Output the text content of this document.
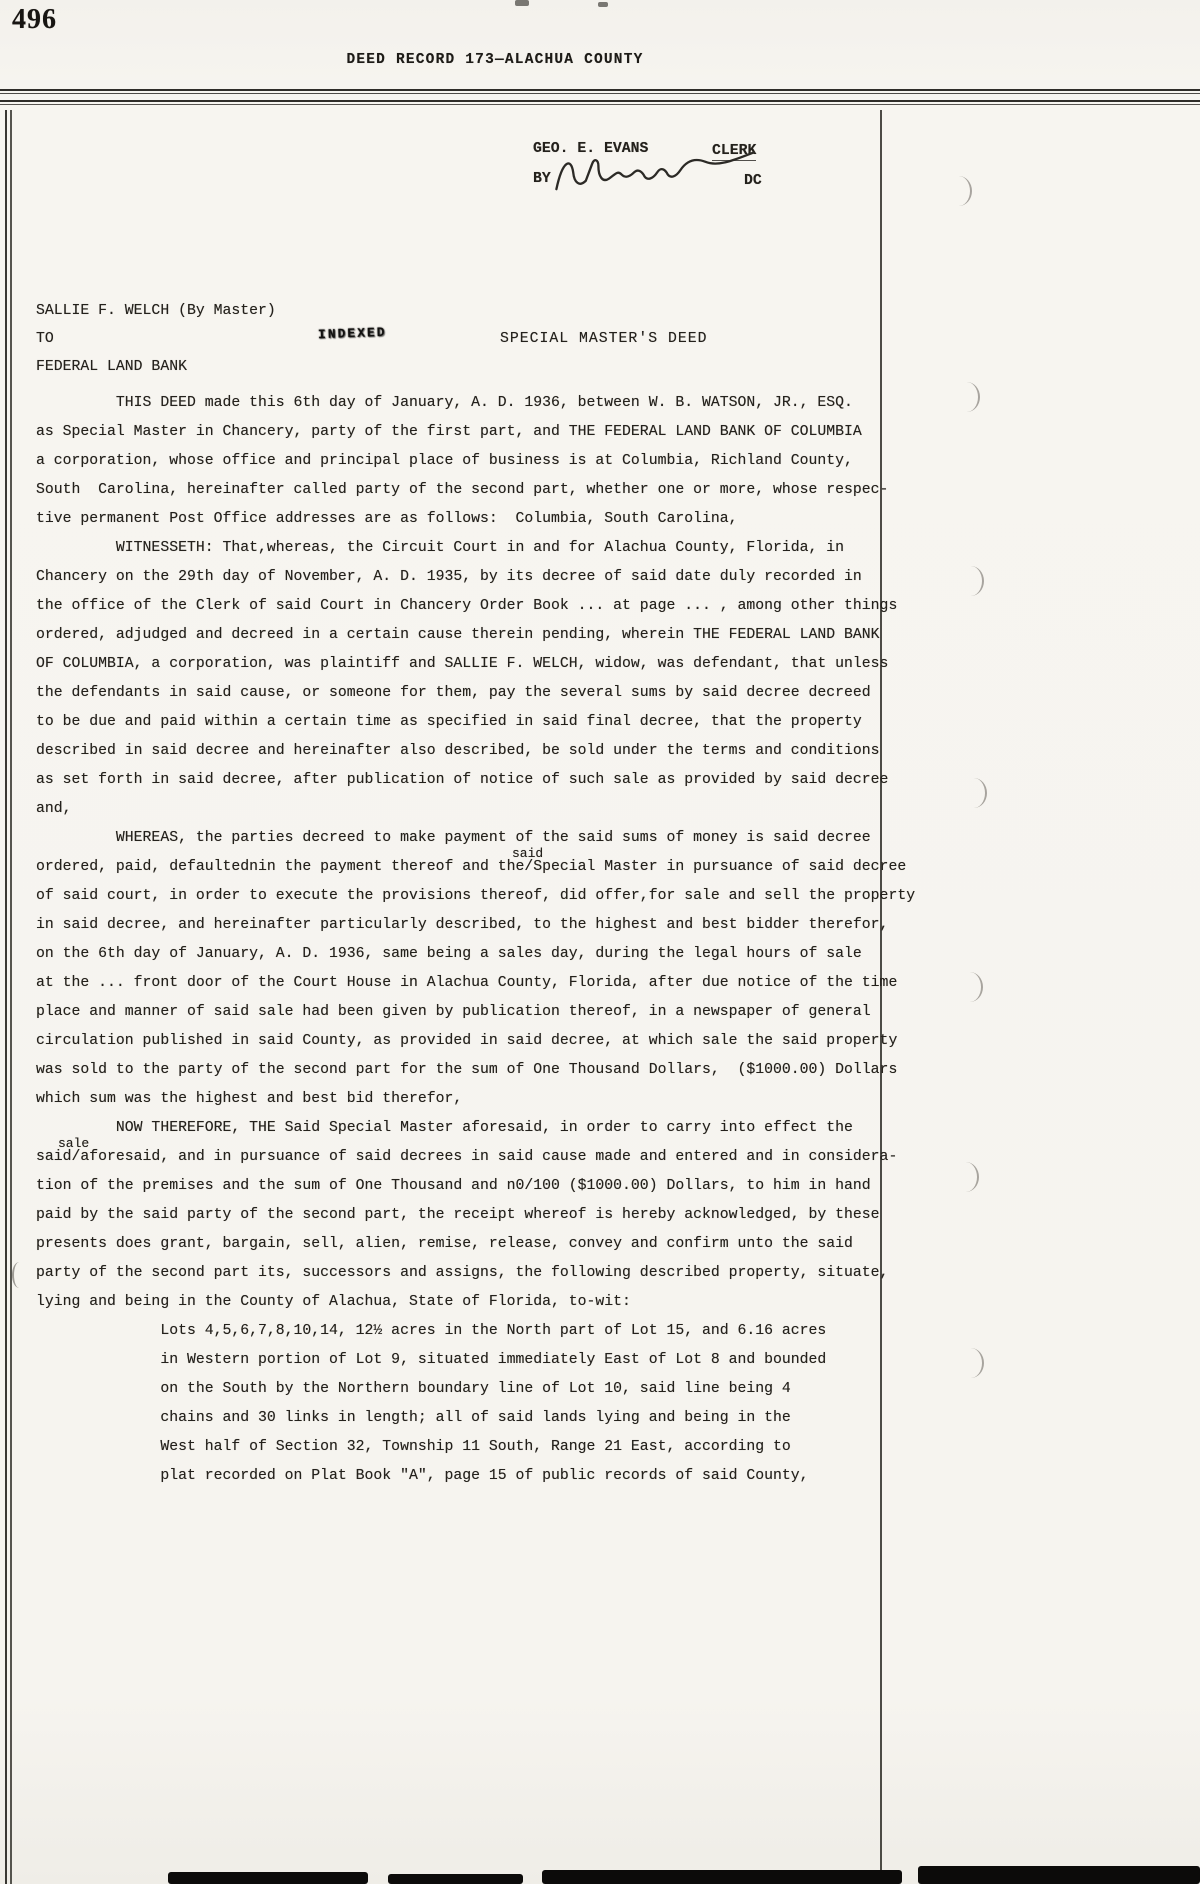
496
DEED RECORD 173—ALACHUA COUNTY
GEO. E. EVANS	CLERK
BY	DC
SALLIE F. WELCH (By Master)
TO	INDEXED	SPECIAL MASTER'S DEED
FEDERAL LAND BANK
THIS DEED made this 6th day of January, A. D. 1936, between W. B. WATSON, JR., ESQ.
as Special Master in Chancery, party of the first part, and THE FEDERAL LAND BANK OF COLUMBIA
a corporation, whose office and principal place of business is at Columbia, Richland County,
South  Carolina, hereinafter called party of the second part, whether one or more, whose respec-
tive permanent Post Office addresses are as follows:  Columbia, South Carolina,
WITNESSETH: That,whereas, the Circuit Court in and for Alachua County, Florida, in
Chancery on the 29th day of November, A. D. 1935, by its decree of said date duly recorded in
the office of the Clerk of said Court in Chancery Order Book ... at page ... , among other things
ordered, adjudged and decreed in a certain cause therein pending, wherein THE FEDERAL LAND BANK
OF COLUMBIA, a corporation, was plaintiff and SALLIE F. WELCH, widow, was defendant, that unless
the defendants in said cause, or someone for them, pay the several sums by said decree decreed
to be due and paid within a certain time as specified in said final decree, that the property
described in said decree and hereinafter also described, be sold under the terms and conditions
as set forth in said decree, after publication of notice of such sale as provided by said decree
and,
WHEREAS, the parties decreed to make payment of the said sums of money is said decree
ordered, paid, defaultednin the payment thereof and the/Special Master in pursuance of said decree
of said court, in order to execute the provisions thereof, did offer,for sale and sell the property
in said decree, and hereinafter particularly described, to the highest and best bidder therefor,
on the 6th day of January, A. D. 1936, same being a sales day, during the legal hours of sale
at the ... front door of the Court House in Alachua County, Florida, after due notice of the time
place and manner of said sale had been given by publication thereof, in a newspaper of general
circulation published in said County, as provided in said decree, at which sale the said property
was sold to the party of the second part for the sum of One Thousand Dollars,  ($1000.00) Dollars
which sum was the highest and best bid therefor,
NOW THEREFORE, THE Said Special Master aforesaid, in order to carry into effect the
said/aforesaid, and in pursuance of said decrees in said cause made and entered and in considera-
tion of the premises and the sum of One Thousand and n0/100 ($1000.00) Dollars, to him in hand
paid by the said party of the second part, the receipt whereof is hereby acknowledged, by these
presents does grant, bargain, sell, alien, remise, release, convey and confirm unto the said
party of the second part its, successors and assigns, the following described property, situate,
lying and being in the County of Alachua, State of Florida, to-wit:
Lots 4,5,6,7,8,10,14, 12½ acres in the North part of Lot 15, and 6.16 acres
in Western portion of Lot 9, situated immediately East of Lot 8 and bounded
on the South by the Northern boundary line of Lot 10, said line being 4
chains and 30 links in length; all of said lands lying and being in the
West half of Section 32, Township 11 South, Range 21 East, according to
plat recorded on Plat Book "A", page 15 of public records of said County,
said
sale
